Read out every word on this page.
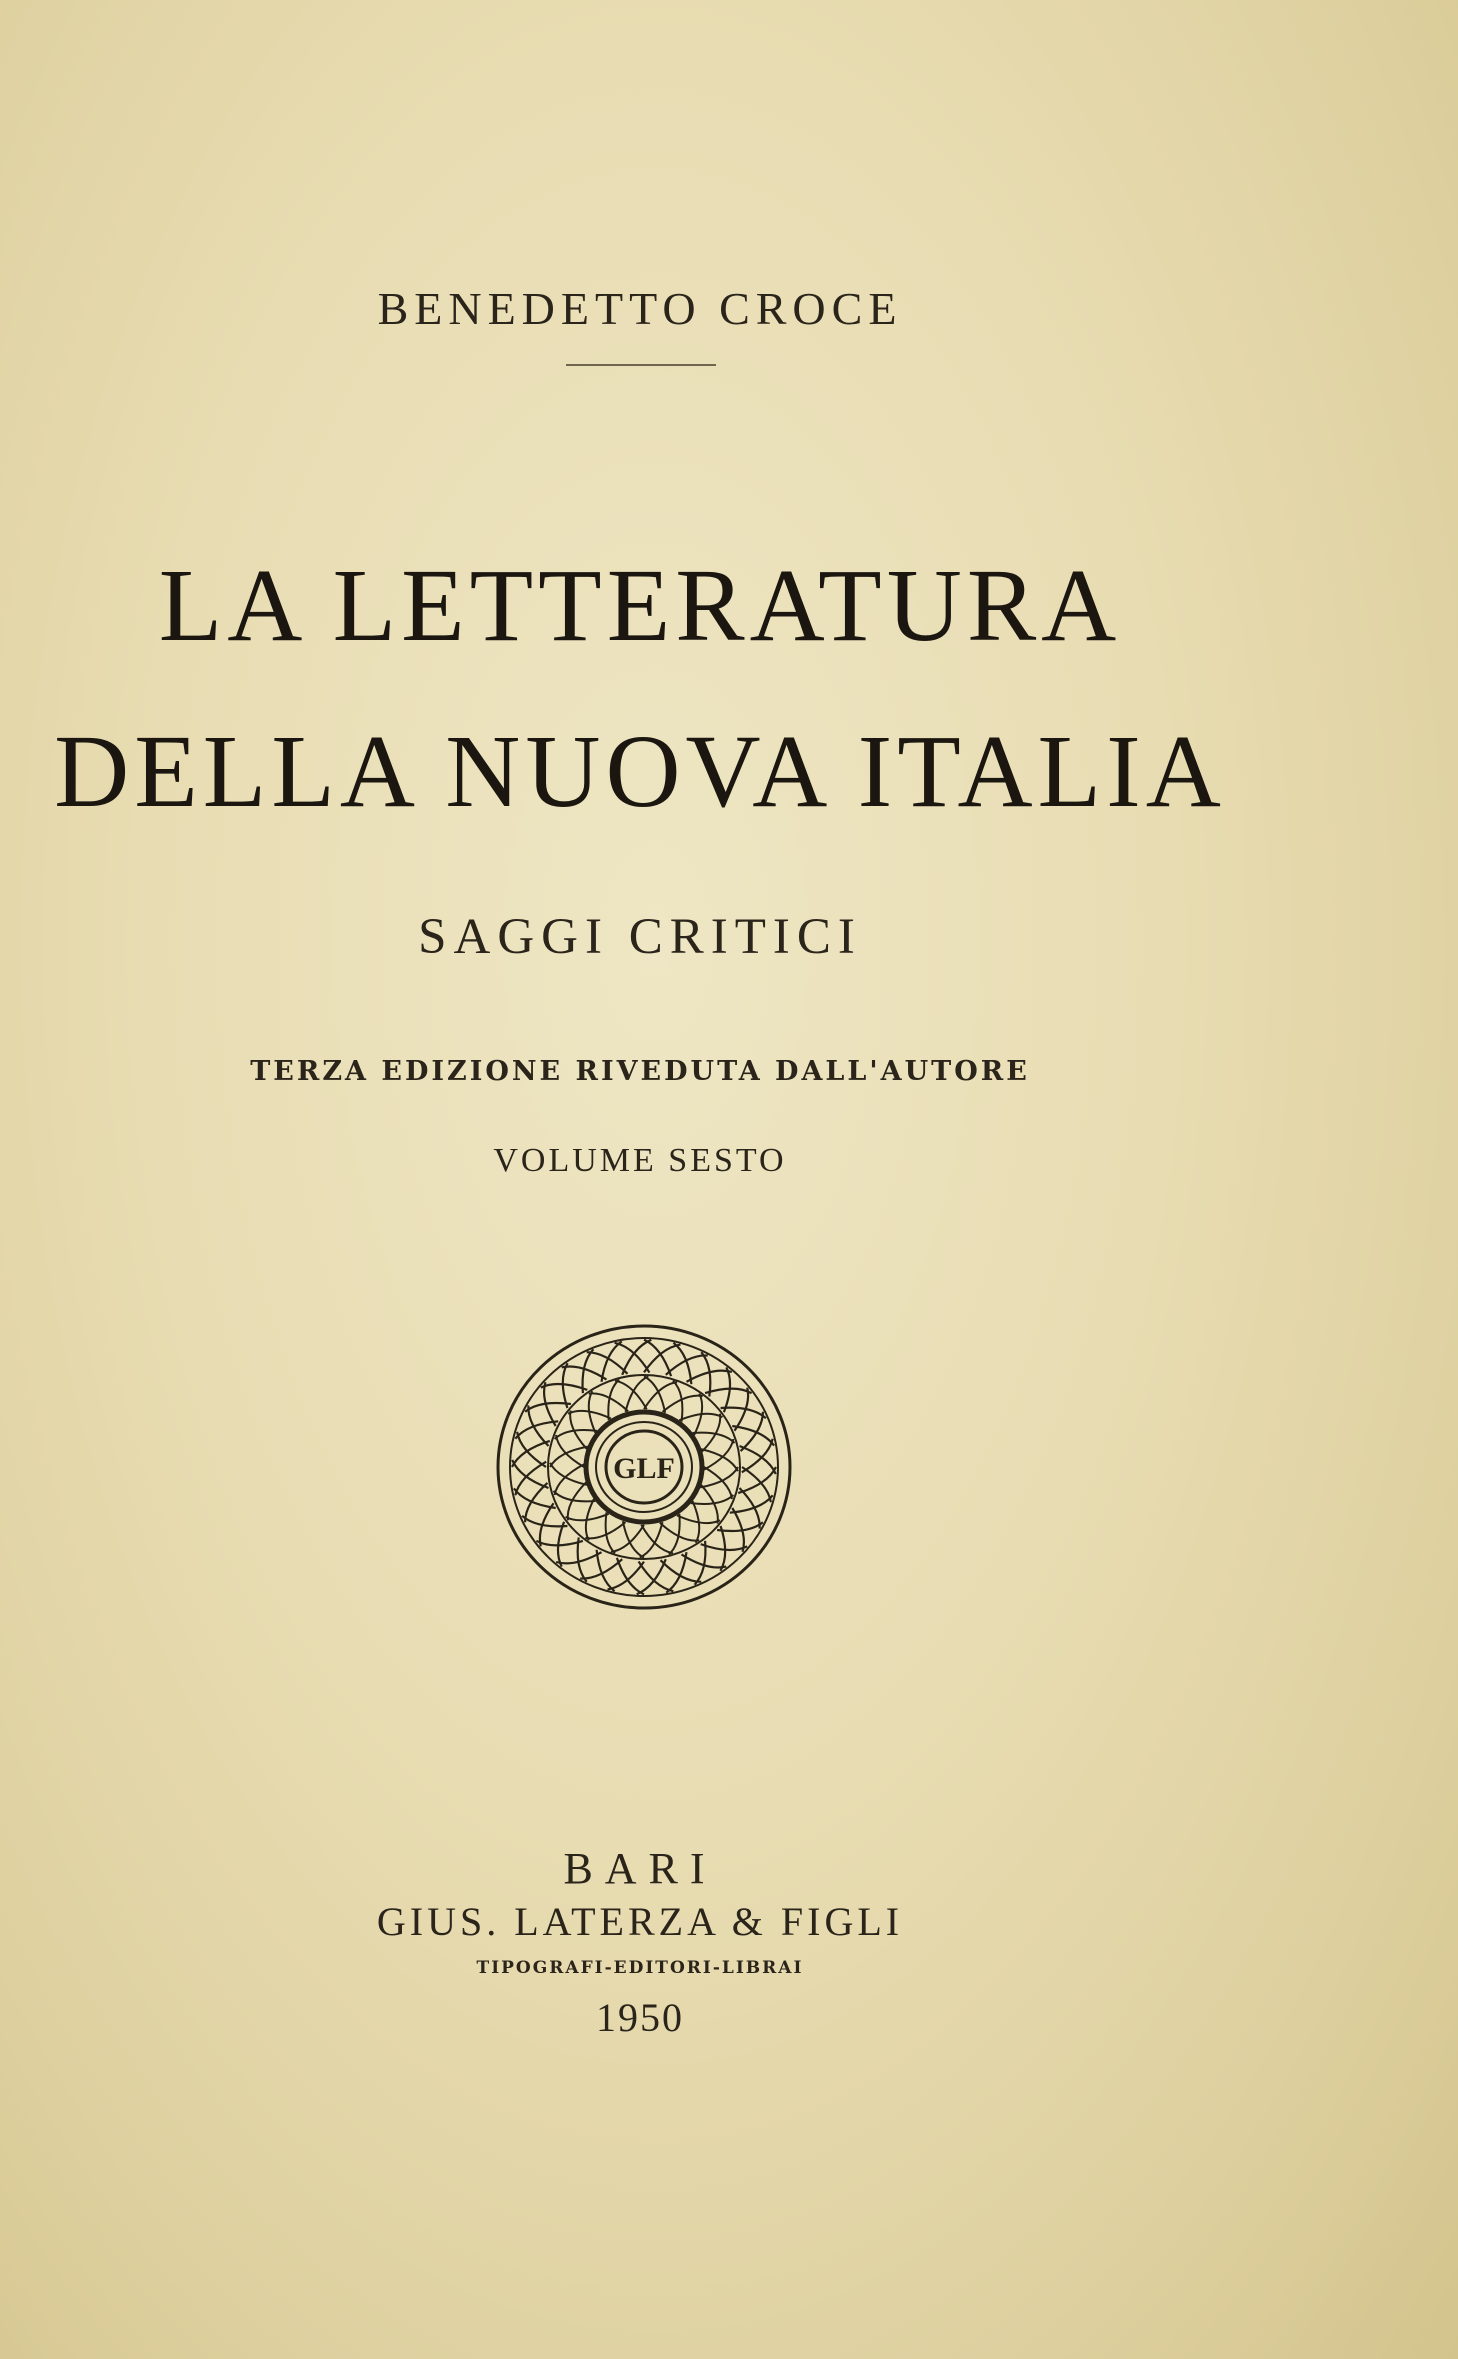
BENEDETTO CROCE
LA LETTERATURA
DELLA NUOVA ITALIA
SAGGI CRITICI
TERZA EDIZIONE RIVEDUTA DALL'AUTORE
VOLUME SESTO
GLF
BARI
GIUS. LATERZA & FIGLI
TIPOGRAFI-EDITORI-LIBRAI
1950
